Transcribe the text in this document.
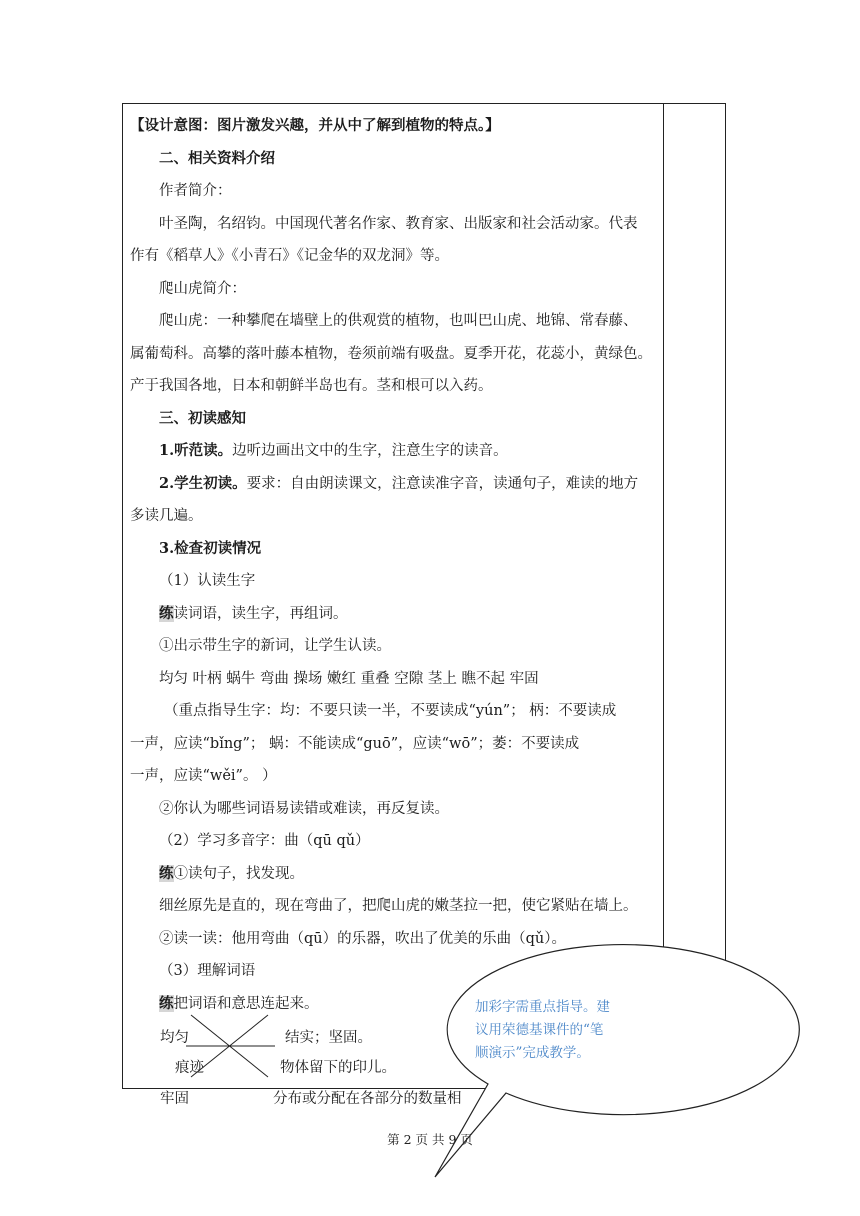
【设计意图：图片激发兴趣，并从中了解到植物的特点。】

二、相关资料介绍

作者简介：

叶圣陶，名绍钧。中国现代著名作家、教育家、出版家和社会活动家。代表

作有《稻草人》《小青石》《记金华的双龙洞》等。

爬山虎简介：

爬山虎：一种攀爬在墙壁上的供观赏的植物，也叫巴山虎、地锦、常春藤、

属葡萄科。高攀的落叶藤本植物，卷须前端有吸盘。夏季开花，花蕊小，黄绿色。

产于我国各地，日本和朝鲜半岛也有。茎和根可以入药。

三、初读感知

1.听范读。边听边画出文中的生字，注意生字的读音。

2.学生初读。要求：自由朗读课文，注意读准字音，读通句子，难读的地方

多读几遍。

3.检查初读情况

（1）认读生字

练读词语，读生字，再组词。

①出示带生字的新词，让学生认读。

均匀 叶柄 蜗牛 弯曲 操场 嫩红 重叠 空隙 茎上 瞧不起 牢固

（重点指导生字：均：不要只读一半，不要读成“yún”； 柄：不要读成

一声，应读“bǐng”； 蜗：不能读成“guō”，应读“wō”；萎：不要读成

一声，应读“wěi”。 ）

②你认为哪些词语易读错或难读，再反复读。

（2）学习多音字：曲（qū qǔ）

练①读句子，找发现。

细丝原先是直的，现在弯曲了，把爬山虎的嫩茎拉一把，使它紧贴在墙上。

②读一读：他用弯曲（qū）的乐器，吹出了优美的乐曲（qǔ）。

（3）理解词语

练把词语和意思连起来。

均匀
痕迹
牢固
结实；坚固。
物体留下的印儿。
分布或分配在各部分的数量相
加彩字需重点指导。建
议用荣德基课件的“笔
顺演示”完成教学。
第 2 页 共 9 页
